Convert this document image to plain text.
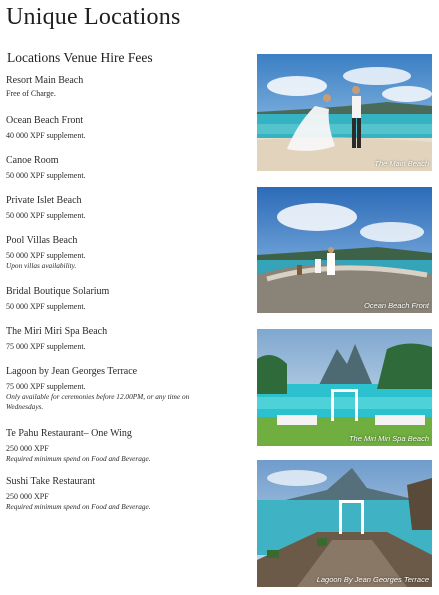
Unique Locations
Locations Venue Hire Fees
Resort Main Beach
Free of Charge.
Ocean Beach Front
40 000 XPF supplement.
Canoe Room
50 000 XPF supplement.
Private Islet Beach
50 000 XPF supplement.
Pool Villas Beach
50 000 XPF supplement.
Upon villas availability.
Bridal Boutique Solarium
50 000 XPF supplement.
The Miri Miri Spa Beach
75 000 XPF supplement.
Lagoon by Jean Georges Terrace
75 000 XPF supplement.
Only available for ceremonies before 12.00PM, or any time on Wednesdays.
Te Pahu Restaurant– One Wing
250 000 XPF
Required minimum spend on Food and Beverage.
Sushi Take Restaurant
250 000 XPF
Required minimum spend on Food and Beverage.
The Main Beach
Ocean Beach Front
The Miri Miri Spa Beach
Lagoon By Jean Georges Terrace
